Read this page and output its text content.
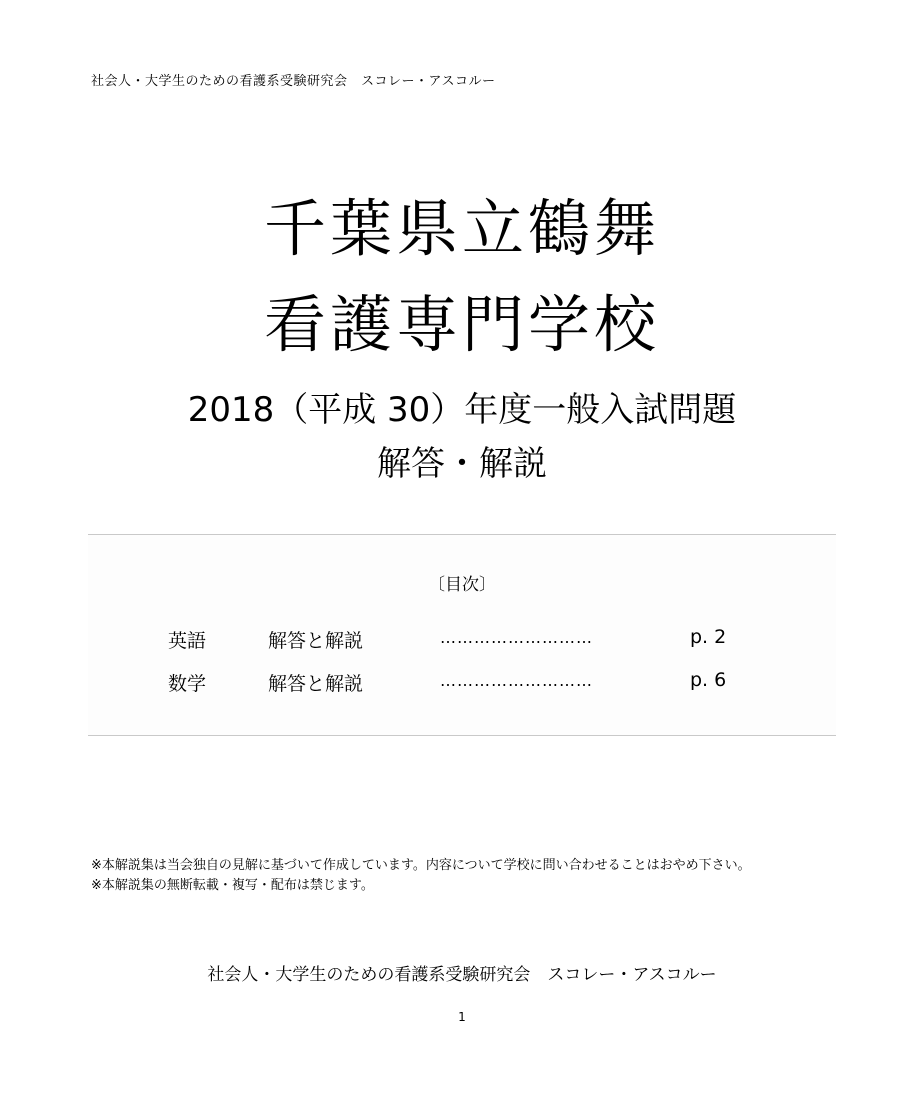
社会人・大学生のための看護系受験研究会　スコレー・アスコルー
千葉県立鶴舞
看護専門学校
2018（平成 30）年度一般入試問題
解答・解説
〔目次〕
英語	解答と解説	………………………	p. 2
数学	解答と解説	………………………	p. 6
※本解説集は当会独自の見解に基づいて作成しています。内容について学校に問い合わせることはおやめ下さい。
※本解説集の無断転載・複写・配布は禁じます。
社会人・大学生のための看護系受験研究会　スコレー・アスコルー
1
